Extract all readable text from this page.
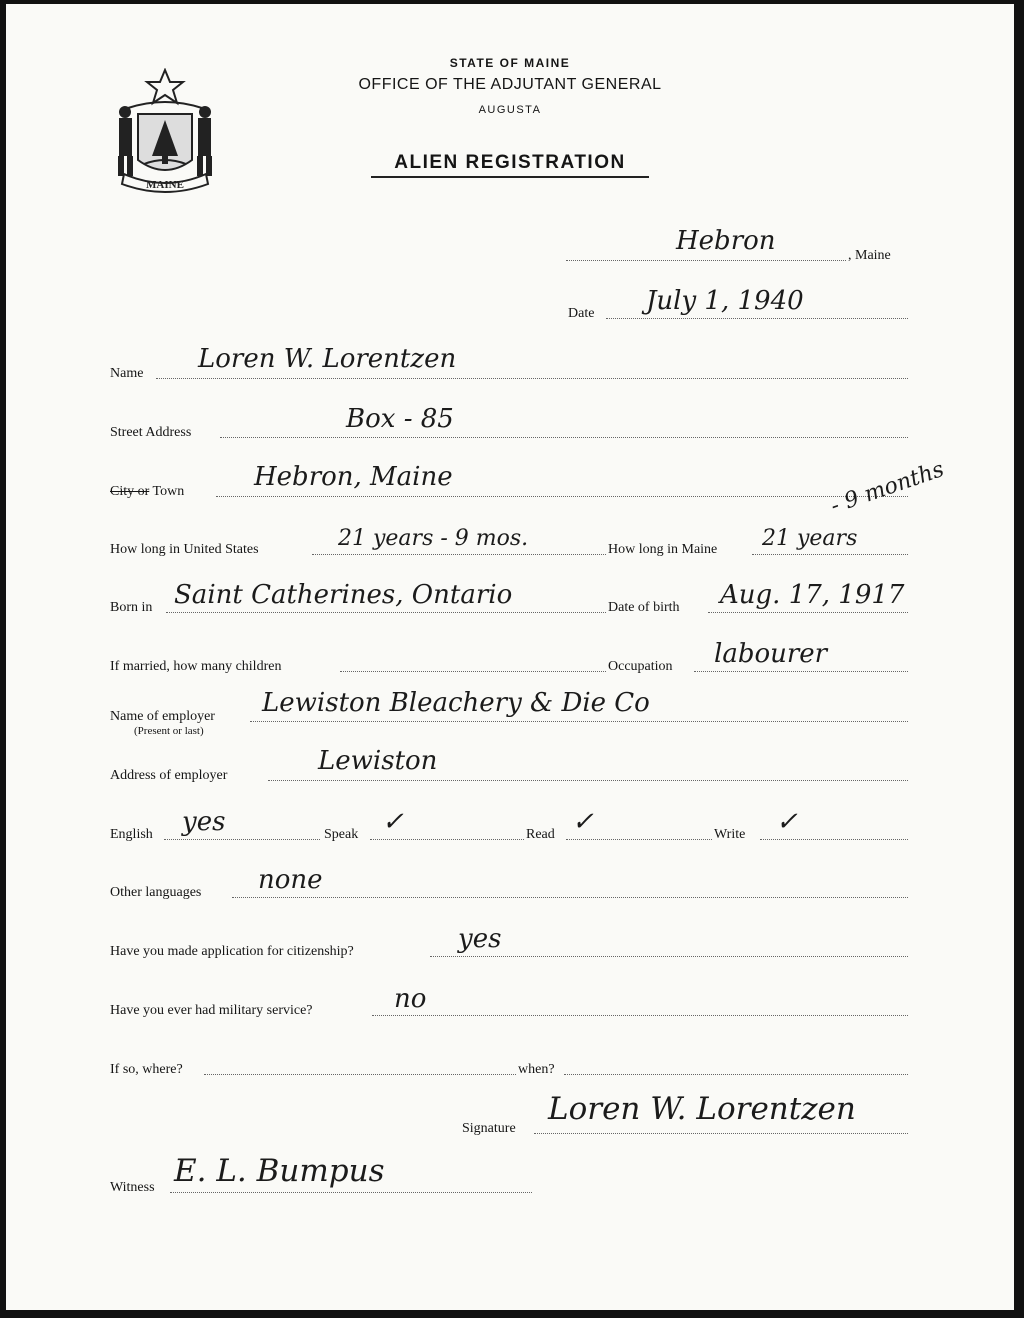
MAINE
STATE OF MAINE
OFFICE OF THE ADJUTANT GENERAL
AUGUSTA
ALIEN REGISTRATION
Hebron	, Maine
Date July 1, 1940
Name Loren W. Lorentzen
Street Address	Box - 85
City or Town	Hebron, Maine
How long in United States	21 years - 9 mos.	How long in Maine 21 years
- 9 months
Born in Saint Catherines, Ontario	Date of birth Aug. 17, 1917
If married, how many children	Occupation labourer
Name of employer
(Present or last)
Lewiston Bleachery & Die Co
Address of employer	Lewiston
English yes	Speak ✓	Read ✓	Write ✓
Other languages none
Have you made application for citizenship?	yes
Have you ever had military service?	no
If so, where?	when?
Signature
Loren W. Lorentzen
Witness E. L. Bumpus
